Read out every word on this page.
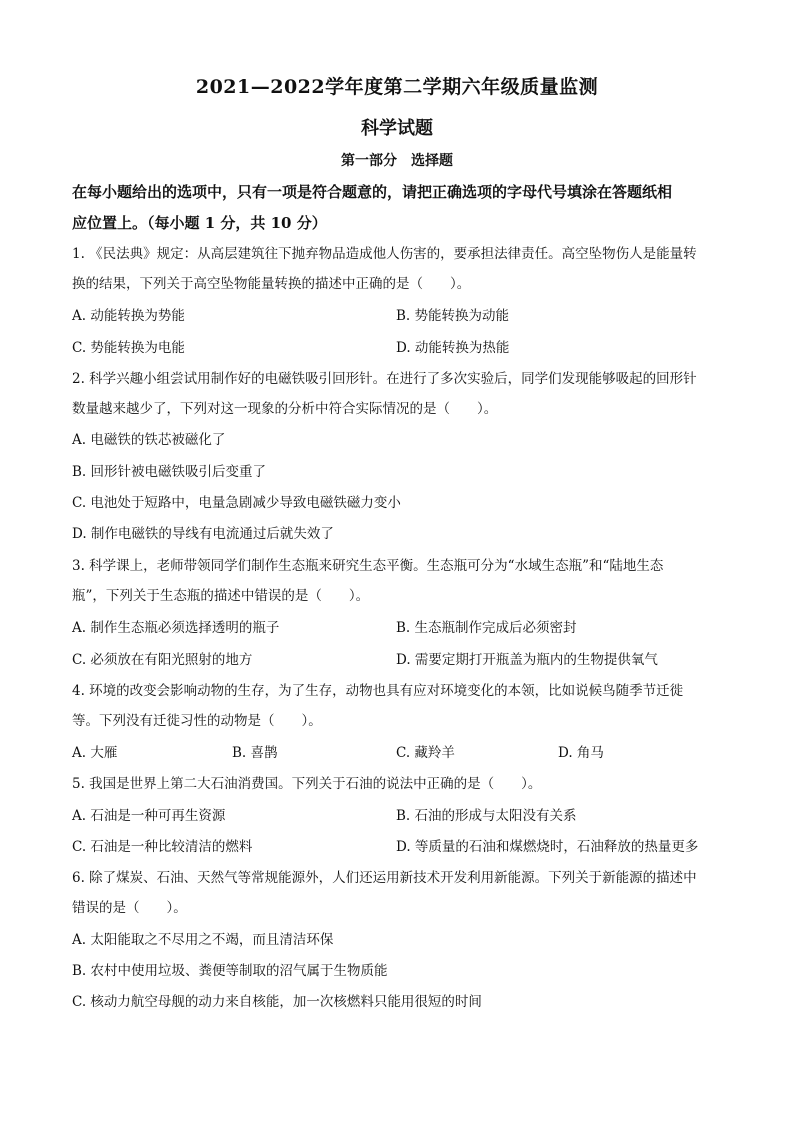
2021—2022学年度第二学期六年级质量监测
科学试题
第一部分　选择题
在每小题给出的选项中，只有一项是符合题意的，请把正确选项的字母代号填涂在答题纸相
应位置上。（每小题 1 分，共 10 分）
1. 《民法典》规定：从高层建筑往下抛弃物品造成他人伤害的，要承担法律责任。高空坠物伤人是能量转
换的结果，下列关于高空坠物能量转换的描述中正确的是（　　）。
A. 动能转换为势能	B. 势能转换为动能
C. 势能转换为电能	D. 动能转换为热能
2. 科学兴趣小组尝试用制作好的电磁铁吸引回形针。在进行了多次实验后，同学们发现能够吸起的回形针
数量越来越少了，下列对这一现象的分析中符合实际情况的是（　　）。
A. 电磁铁的铁芯被磁化了
B. 回形针被电磁铁吸引后变重了
C. 电池处于短路中，电量急剧减少导致电磁铁磁力变小
D. 制作电磁铁的导线有电流通过后就失效了
3. 科学课上，老师带领同学们制作生态瓶来研究生态平衡。生态瓶可分为“水域生态瓶”和“陆地生态
瓶”，下列关于生态瓶的描述中错误的是（　　）。
A. 制作生态瓶必须选择透明的瓶子	B. 生态瓶制作完成后必须密封
C. 必须放在有阳光照射的地方	D. 需要定期打开瓶盖为瓶内的生物提供氧气
4. 环境的改变会影响动物的生存，为了生存，动物也具有应对环境变化的本领，比如说候鸟随季节迁徙
等。下列没有迁徙习性的动物是（　　）。
A. 大雁	B. 喜鹊	C. 藏羚羊	D. 角马
5. 我国是世界上第二大石油消费国。下列关于石油的说法中正确的是（　　）。
A. 石油是一种可再生资源	B. 石油的形成与太阳没有关系
C. 石油是一种比较清洁的燃料	D. 等质量的石油和煤燃烧时，石油释放的热量更多
6. 除了煤炭、石油、天然气等常规能源外，人们还运用新技术开发利用新能源。下列关于新能源的描述中
错误的是（　　）。
A. 太阳能取之不尽用之不竭，而且清洁环保
B. 农村中使用垃圾、粪便等制取的沼气属于生物质能
C. 核动力航空母舰的动力来自核能，加一次核燃料只能用很短的时间
